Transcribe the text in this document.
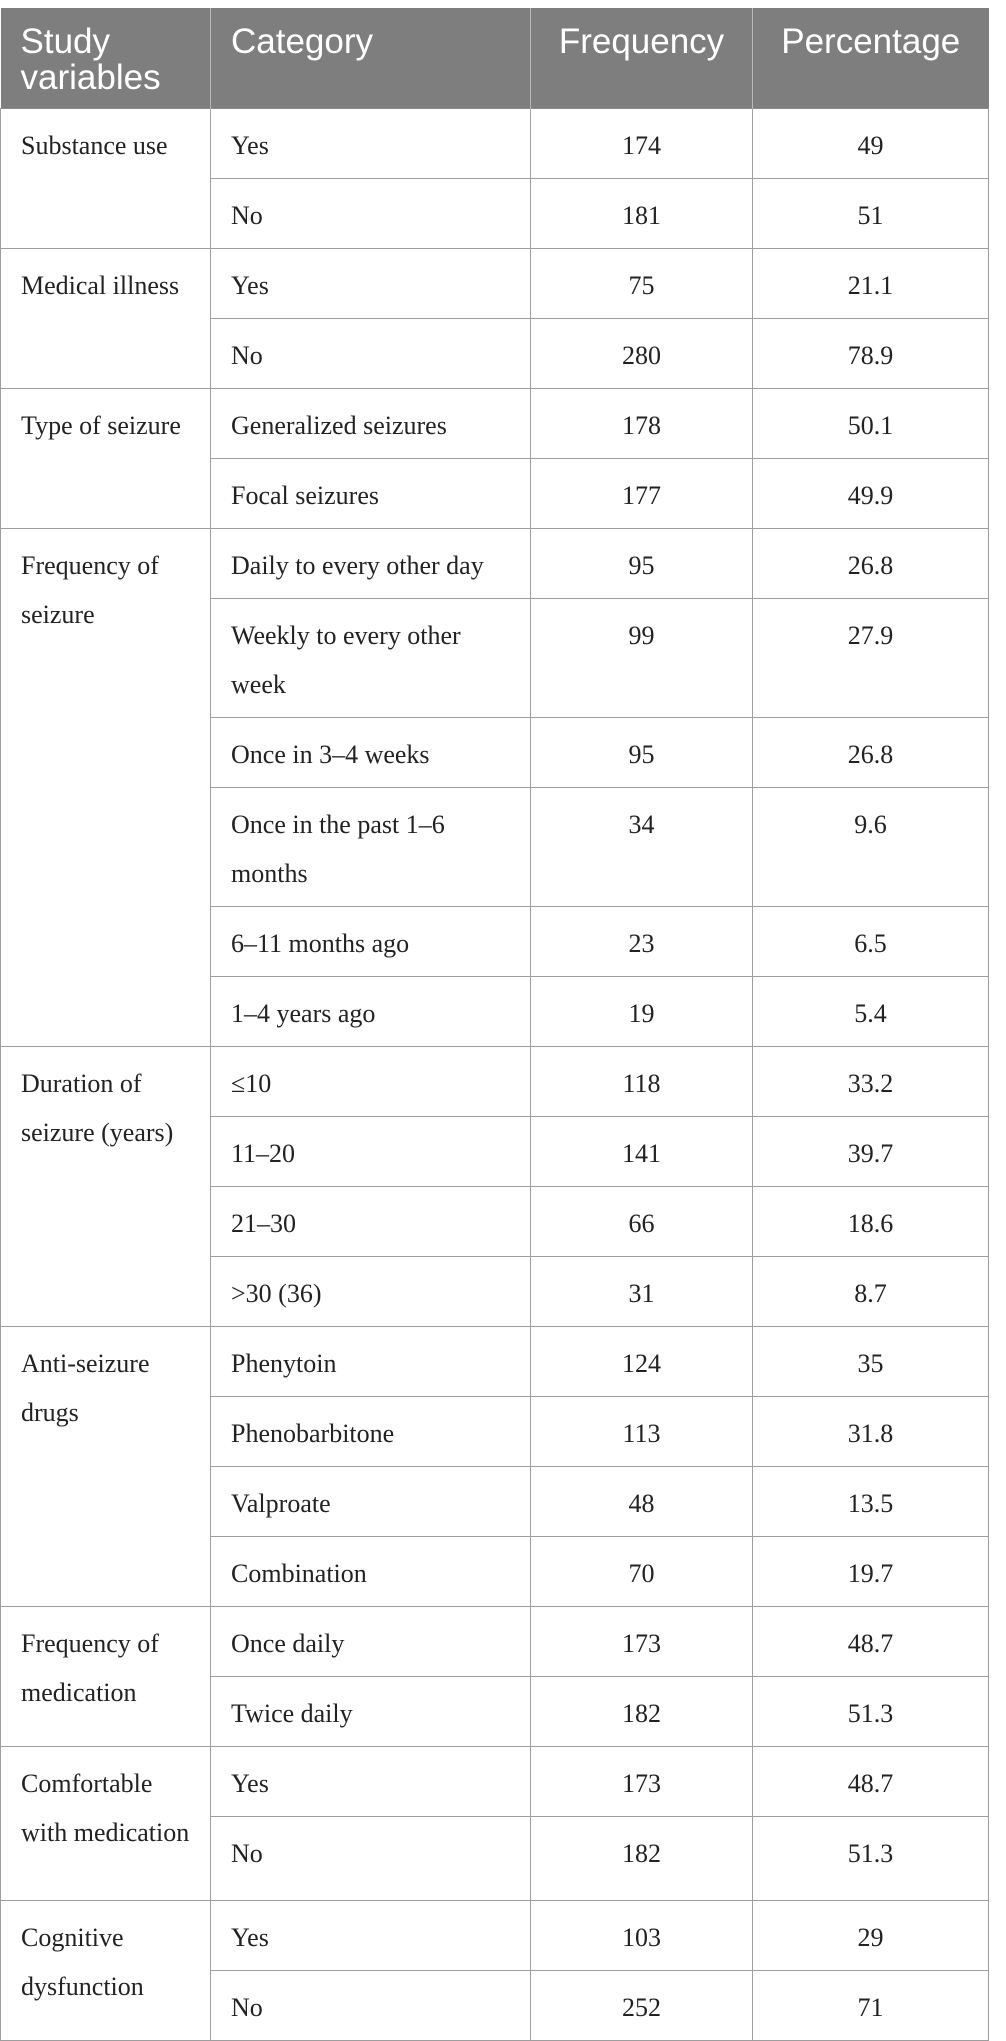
Study variables	Category	Frequency	Percentage
Substance use	Yes	174	49
	No	181	51
Medical illness	Yes	75	21.1
	No	280	78.9
Type of seizure	Generalized seizures	178	50.1
	Focal seizures	177	49.9
Frequency of seizure	Daily to every other day	95	26.8
	Weekly to every other week	99	27.9
	Once in 3–4 weeks	95	26.8
	Once in the past 1–6 months	34	9.6
	6–11 months ago	23	6.5
	1–4 years ago	19	5.4
Duration of seizure (years)	≤10	118	33.2
	11–20	141	39.7
	21–30	66	18.6
	>30 (36)	31	8.7
Anti-seizure drugs	Phenytoin	124	35
	Phenobarbitone	113	31.8
	Valproate	48	13.5
	Combination	70	19.7
Frequency of medication	Once daily	173	48.7
	Twice daily	182	51.3
Comfortable with medication	Yes	173	48.7
	No	182	51.3
Cognitive dysfunction	Yes	103	29
	No	252	71
